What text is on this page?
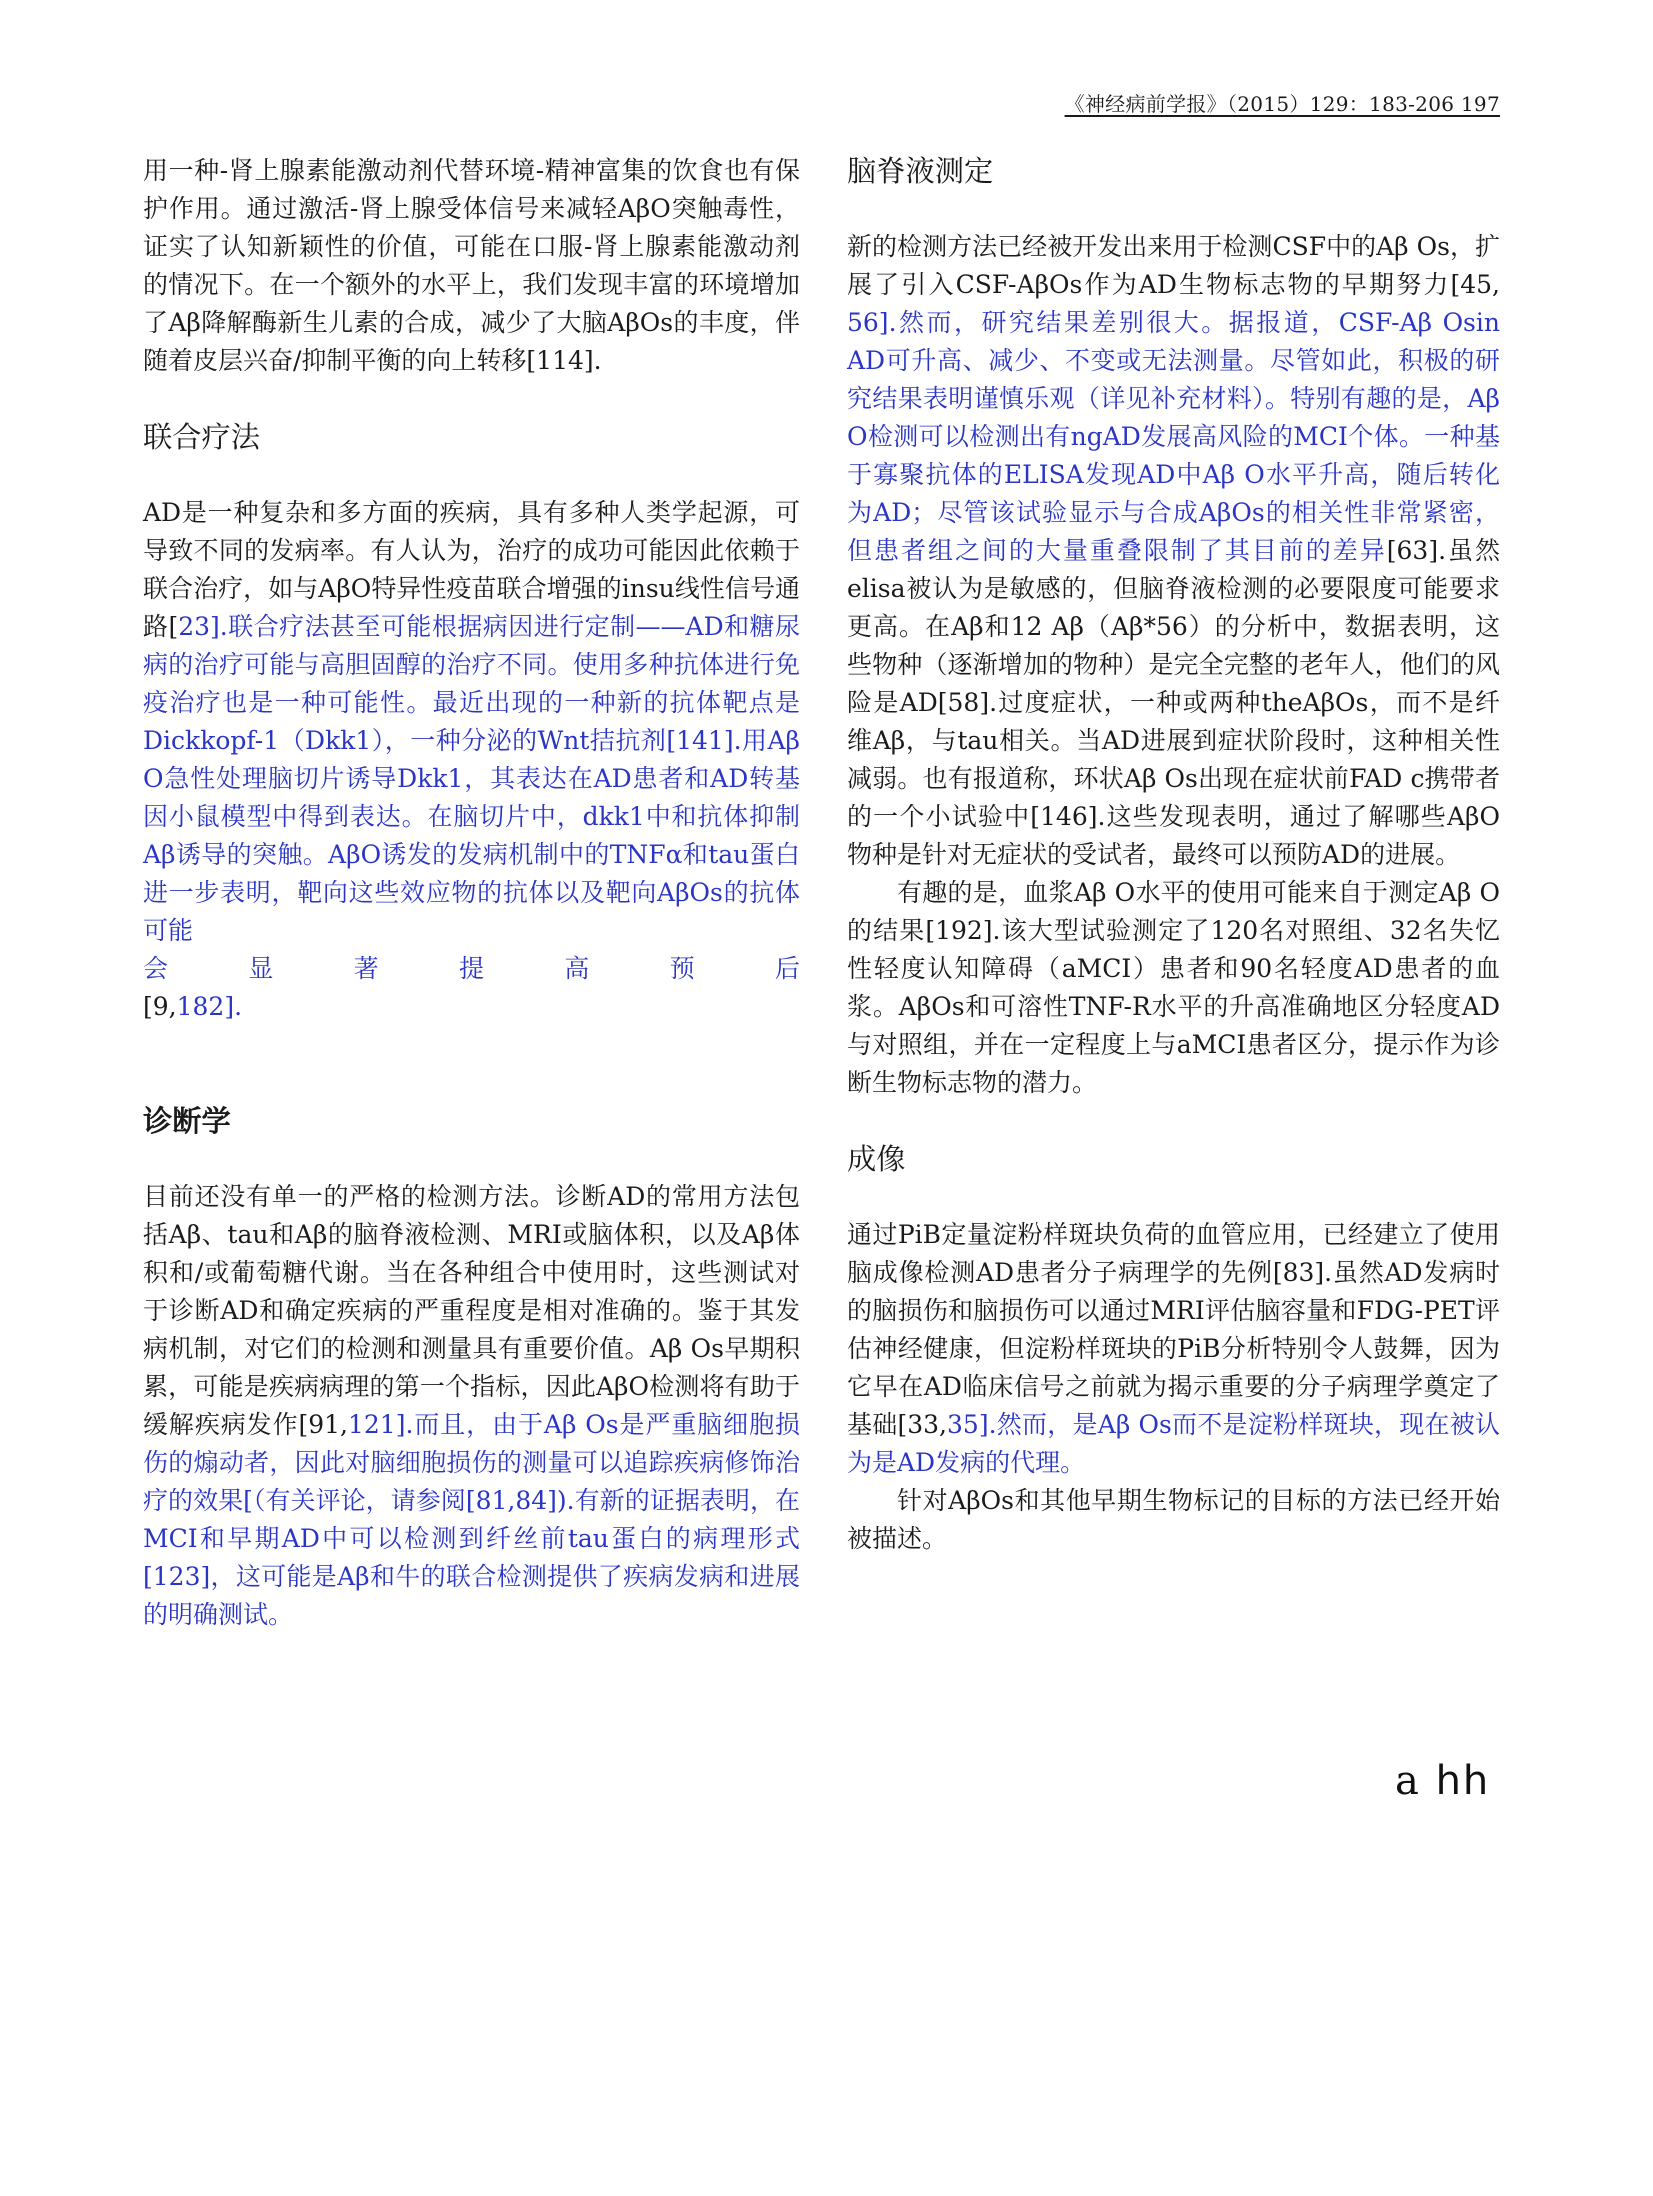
《神经病前学报》（2015）129：183-206 197

用一种-肾上腺素能激动剂代替环境-精神富集的饮食也有保护作用。通过激活-肾上腺受体信号来减轻AβO突触毒性，证实了认知新颖性的价值，可能在口服-肾上腺素能激动剂的情况下。在一个额外的水平上，我们发现丰富的环境增加了Aβ降解酶新生儿素的合成，减少了大脑AβOs的丰度，伴随着皮层兴奋/抑制平衡的向上转移[114].

联合疗法

AD是一种复杂和多方面的疾病，具有多种人类学起源，可导致不同的发病率。有人认为，治疗的成功可能因此依赖于联合治疗，如与AβO特异性疫苗联合增强的insu线性信号通路[23].联合疗法甚至可能根据病因进行定制——AD和糖尿病的治疗可能与高胆固醇的治疗不同。使用多种抗体进行免疫治疗也是一种可能性。最近出现的一种新的抗体靶点是Dickkopf-1（Dkk1），一种分泌的Wnt拮抗剂[141].用Aβ O急性处理脑切片诱导Dkk1，其表达在AD患者和AD转基因小鼠模型中得到表达。在脑切片中，dkk1中和抗体抑制Aβ诱导的突触。AβO诱发的发病机制中的TNFα和tau蛋白进一步表明，靶向这些效应物的抗体以及靶向AβOs的抗体可能

会 显 著 提 高 预 后

[9,182].

诊断学

目前还没有单一的严格的检测方法。诊断AD的常用方法包括Aβ、tau和Aβ的脑脊液检测、MRI或脑体积，以及Aβ体积和/或葡萄糖代谢。当在各种组合中使用时，这些测试对于诊断AD和确定疾病的严重程度是相对准确的。鉴于其发病机制，对它们的检测和测量具有重要价值。Aβ Os早期积累，可能是疾病病理的第一个指标，因此AβO检测将有助于缓解疾病发作[91,121].而且，由于Aβ Os是严重脑细胞损伤的煽动者，因此对脑细胞损伤的测量可以追踪疾病修饰治疗的效果[（有关评论，请参阅[81,84]).有新的证据表明，在MCI和早期AD中可以检测到纤丝前tau蛋白的病理形式[123]，这可能是Aβ和牛的联合检测提供了疾病发病和进展的明确测试。

脑脊液测定

新的检测方法已经被开发出来用于检测CSF中的Aβ Os，扩展了引入CSF-AβOs作为AD生物标志物的早期努力[45, 56].然而，研究结果差别很大。据报道，CSF-Aβ Osin AD可升高、减少、不变或无法测量。尽管如此，积极的研究结果表明谨慎乐观（详见补充材料）。特别有趣的是，Aβ O检测可以检测出有ngAD发展高风险的MCI个体。一种基于寡聚抗体的ELISA发现AD中Aβ O水平升高，随后转化为AD；尽管该试验显示与合成AβOs的相关性非常紧密，但患者组之间的大量重叠限制了其目前的差异[63].虽然elisa被认为是敏感的，但脑脊液检测的必要限度可能要求更高。在Aβ和12 Aβ（Aβ*56）的分析中，数据表明，这些物种（逐渐增加的物种）是完全完整的老年人，他们的风险是AD[58].过度症状，一种或两种theAβOs，而不是纤维Aβ，与tau相关。当AD进展到症状阶段时，这种相关性减弱。也有报道称，环状Aβ Os出现在症状前FAD c携带者的一个小试验中[146].这些发现表明，通过了解哪些AβO物种是针对无症状的受试者，最终可以预防AD的进展。

有趣的是，血浆Aβ O水平的使用可能来自于测定Aβ O的结果[192].该大型试验测定了120名对照组、32名失忆性轻度认知障碍（aMCI）患者和90名轻度AD患者的血浆。AβOs和可溶性TNF-R水平的升高准确地区分轻度AD与对照组，并在一定程度上与aMCI患者区分，提示作为诊断生物标志物的潜力。

成像

通过PiB定量淀粉样斑块负荷的血管应用，已经建立了使用脑成像检测AD患者分子病理学的先例[83].虽然AD发病时的脑损伤和脑损伤可以通过MRI评估脑容量和FDG-PET评估神经健康，但淀粉样斑块的PiB分析特别令人鼓舞，因为它早在AD临床信号之前就为揭示重要的分子病理学奠定了基础[33,35].然而，是Aβ Os而不是淀粉样斑块，现在被认为是AD发病的代理。

针对AβOs和其他早期生物标记的目标的方法已经开始被描述。

a 𝗁𝗁
